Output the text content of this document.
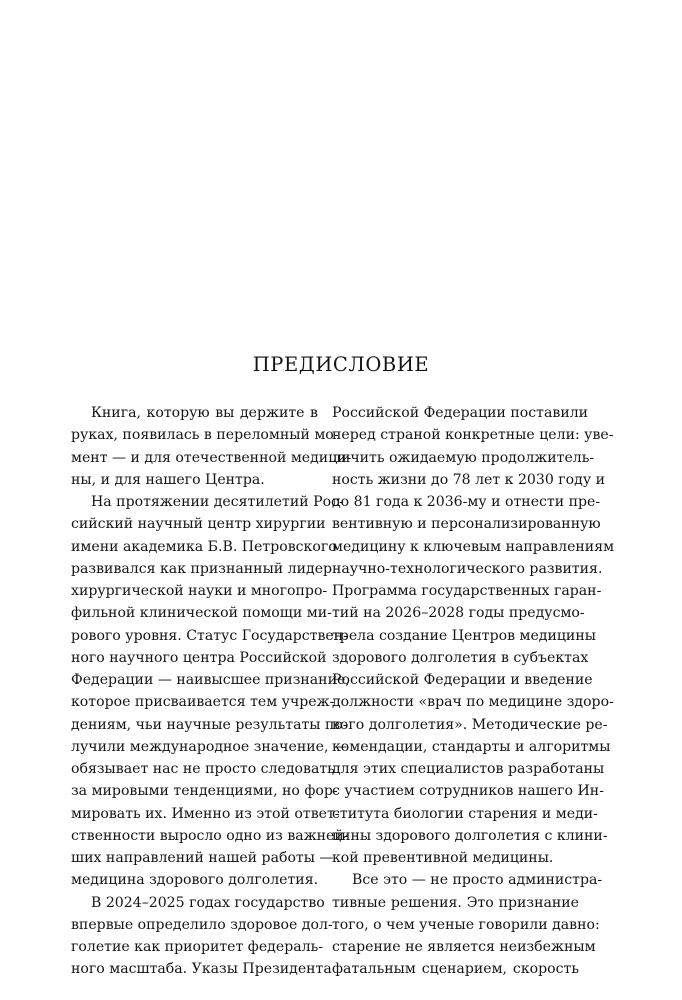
ПРЕДИСЛОВИЕ
Книга, которую вы держите в
руках, появилась в переломный мо-
мент — и для отечественной медици-
ны, и для нашего Центра.
На протяжении десятилетий Рос-
сийский научный центр хирургии
имени академика Б.В. Петровского
развивался как признанный лидер
хирургической науки и многопро-
фильной клинической помощи ми-
рового уровня. Статус Государствен-
ного научного центра Российской
Федерации — наивысшее признание,
которое присваивается тем учреж-
дениям, чьи научные результаты по-
лучили международное значение, —
обязывает нас не просто следовать
за мировыми тенденциями, но фор-
мировать их. Именно из этой ответ-
ственности выросло одно из важней-
ших направлений нашей работы —
медицина здорового долголетия.
В 2024–2025 годах государство
впервые определило здоровое дол-
голетие как приоритет федераль-
ного масштаба. Указы Президента
Российской Федерации поставили
перед страной конкретные цели: уве-
личить ожидаемую продолжитель-
ность жизни до 78 лет к 2030 году и
до 81 года к 2036-му и отнести пре-
вентивную и персонализированную
медицину к ключевым направлениям
научно-технологического развития.
Программа государственных гаран-
тий на 2026–2028 годы предусмо-
трела создание Центров медицины
здорового долголетия в субъектах
Российской Федерации и введение
должности «врач по медицине здоро-
вого долголетия». Методические ре-
комендации, стандарты и алгоритмы
для этих специалистов разработаны
с участием сотрудников нашего Ин-
ститута биологии старения и меди-
цины здорового долголетия с клини-
кой превентивной медицины.
Все это — не просто администра-
тивные решения. Это признание
того, о чем ученые говорили давно:
старение не является неизбежным
фатальным сценарием, скорость
